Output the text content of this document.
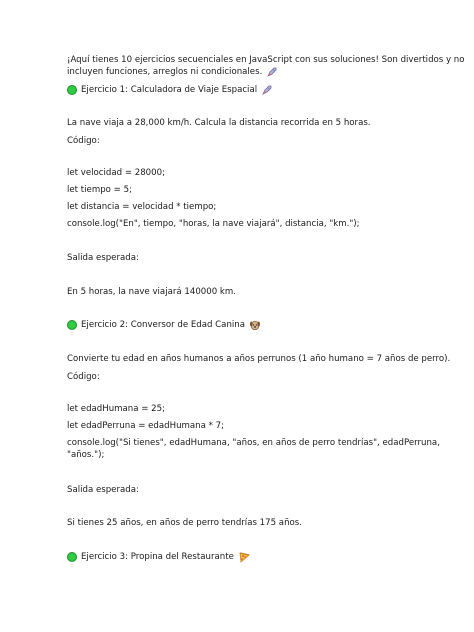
¡Aquí tienes 10 ejercicios secuenciales en JavaScript con sus soluciones! Son divertidos y no
incluyen funciones, arreglos ni condicionales.
Ejercicio 1: Calculadora de Viaje Espacial
La nave viaja a 28,000 km/h. Calcula la distancia recorrida en 5 horas.
Código:
let velocidad = 28000;
let tiempo = 5;
let distancia = velocidad * tiempo;
console.log("En", tiempo, "horas, la nave viajará", distancia, "km.");
Salida esperada:
En 5 horas, la nave viajará 140000 km.
Ejercicio 2: Conversor de Edad Canina
Convierte tu edad en años humanos a años perrunos (1 año humano = 7 años de perro).
Código:
let edadHumana = 25;
let edadPerruna = edadHumana * 7;
console.log("Si tienes", edadHumana, "años, en años de perro tendrías", edadPerruna,
"años.");
Salida esperada:
Si tienes 25 años, en años de perro tendrías 175 años.
Ejercicio 3: Propina del Restaurante
